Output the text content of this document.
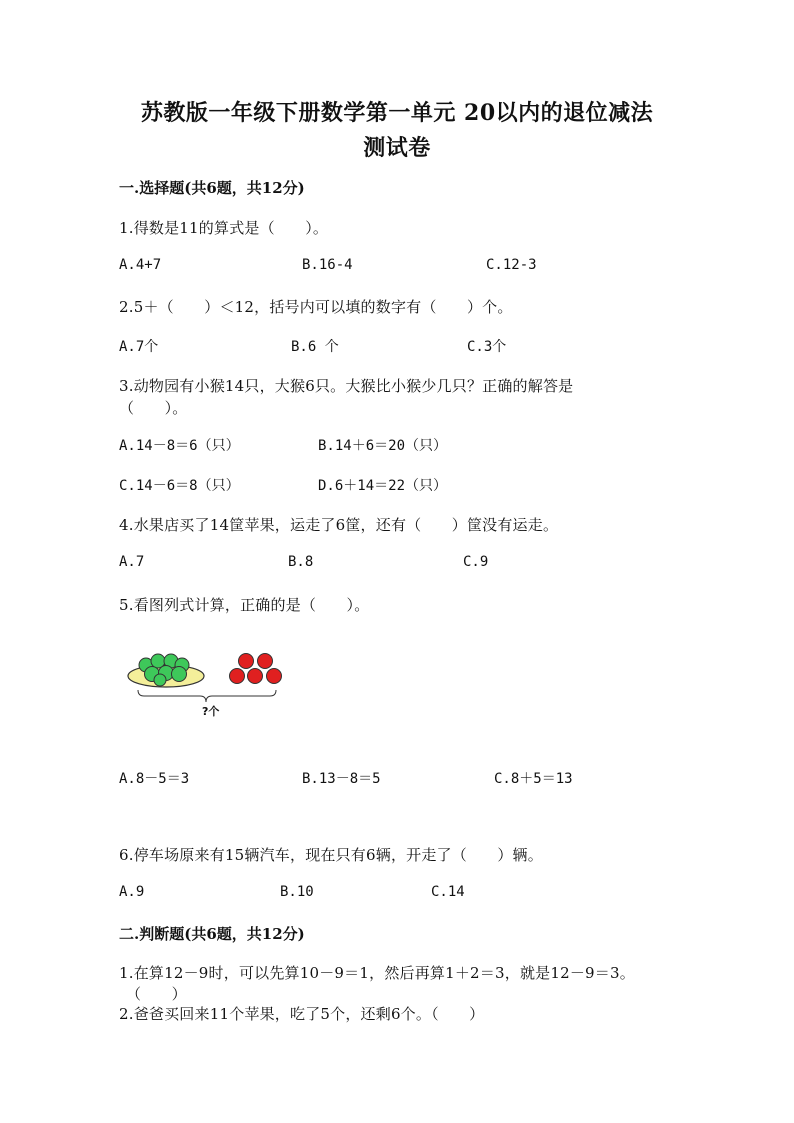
苏教版一年级下册数学第一单元 20以内的退位减法
测试卷
一.选择题(共6题，共12分)
1.得数是11的算式是（　　）。
A.4+7	B.16-4	C.12-3
2.5＋（　　）＜12，括号内可以填的数字有（　　）个。
A.7个	B.6 个	C.3个
3.动物园有小猴14只，大猴6只。大猴比小猴少几只？正确的解答是
（　　）。
A.14－8＝6（只）	B.14＋6＝20（只）
C.14－6＝8（只）	D.6＋14＝22（只）
4.水果店买了14筐苹果，运走了6筐，还有（　　）筐没有运走。
A.7	B.8	C.9
5.看图列式计算，正确的是（　　）。
?个
A.8－5＝3	B.13－8＝5	C.8＋5＝13
6.停车场原来有15辆汽车，现在只有6辆，开走了（　　）辆。
A.9	B.10	C.14
二.判断题(共6题，共12分)
1.在算12－9时，可以先算10－9＝1，然后再算1＋2＝3，就是12－9＝3。
（　　）
2.爸爸买回来11个苹果，吃了5个，还剩6个。（　　）
